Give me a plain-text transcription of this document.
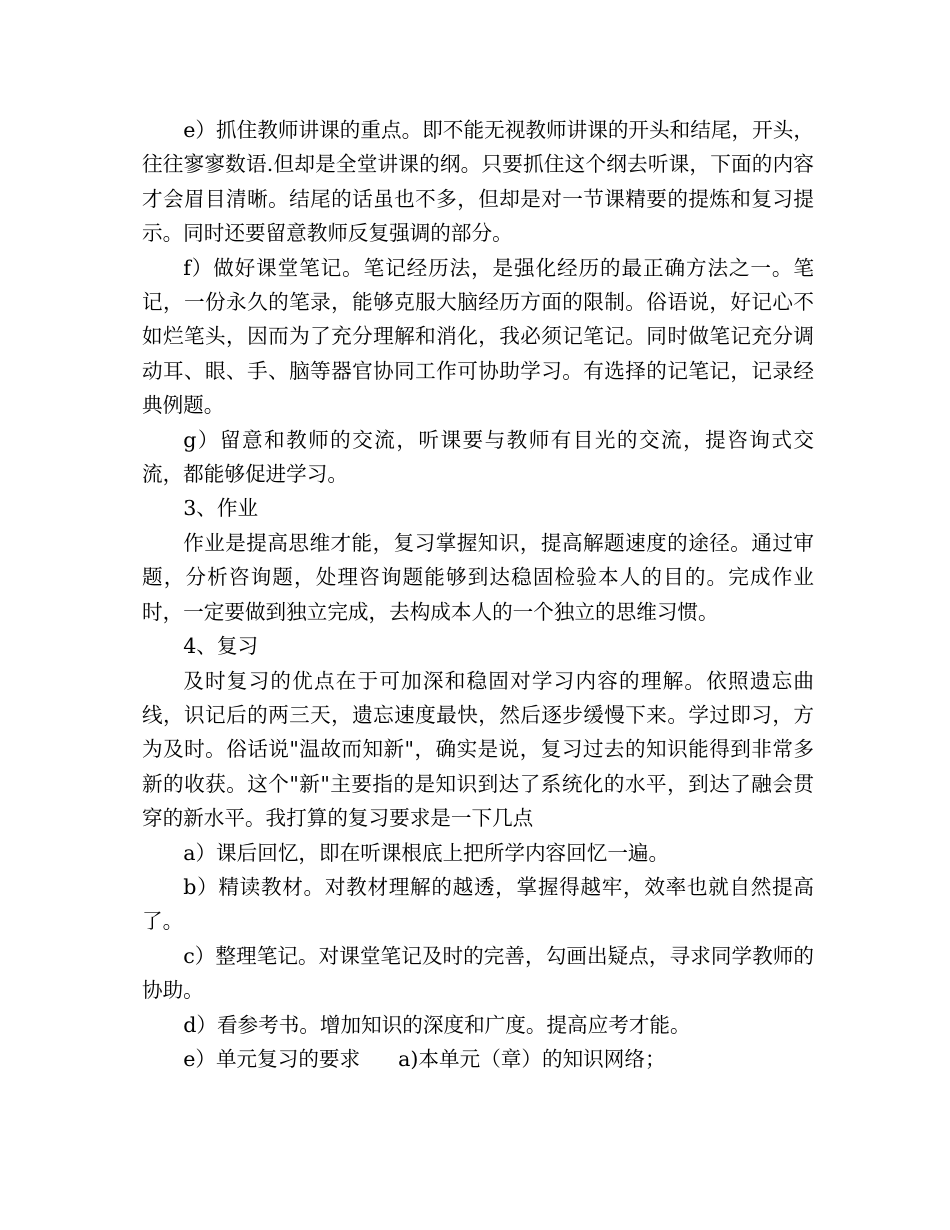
e）抓住教师讲课的重点。即不能无视教师讲课的开头和结尾，开头，往往寥寥数语.但却是全堂讲课的纲。只要抓住这个纲去听课，下面的内容才会眉目清晰。结尾的话虽也不多，但却是对一节课精要的提炼和复习提示。同时还要留意教师反复强调的部分。

f）做好课堂笔记。笔记经历法，是强化经历的最正确方法之一。笔记，一份永久的笔录，能够克服大脑经历方面的限制。俗语说，好记心不如烂笔头，因而为了充分理解和消化，我必须记笔记。同时做笔记充分调动耳、眼、手、脑等器官协同工作可协助学习。有选择的记笔记，记录经典例题。

g）留意和教师的交流，听课要与教师有目光的交流，提咨询式交流，都能够促进学习。

3、作业

作业是提高思维才能，复习掌握知识，提高解题速度的途径。通过审题，分析咨询题，处理咨询题能够到达稳固检验本人的目的。完成作业时，一定要做到独立完成，去构成本人的一个独立的思维习惯。

4、复习

及时复习的优点在于可加深和稳固对学习内容的理解。依照遗忘曲线，识记后的两三天，遗忘速度最快，然后逐步缓慢下来。学过即习，方为及时。俗话说"温故而知新"，确实是说，复习过去的知识能得到非常多新的收获。这个"新"主要指的是知识到达了系统化的水平，到达了融会贯穿的新水平。我打算的复习要求是一下几点

a）课后回忆，即在听课根底上把所学内容回忆一遍。

b）精读教材。对教材理解的越透，掌握得越牢，效率也就自然提高了。

c）整理笔记。对课堂笔记及时的完善，勾画出疑点，寻求同学教师的协助。

d）看参考书。增加知识的深度和广度。提高应考才能。

e）单元复习的要求 a)本单元（章）的知识网络；
